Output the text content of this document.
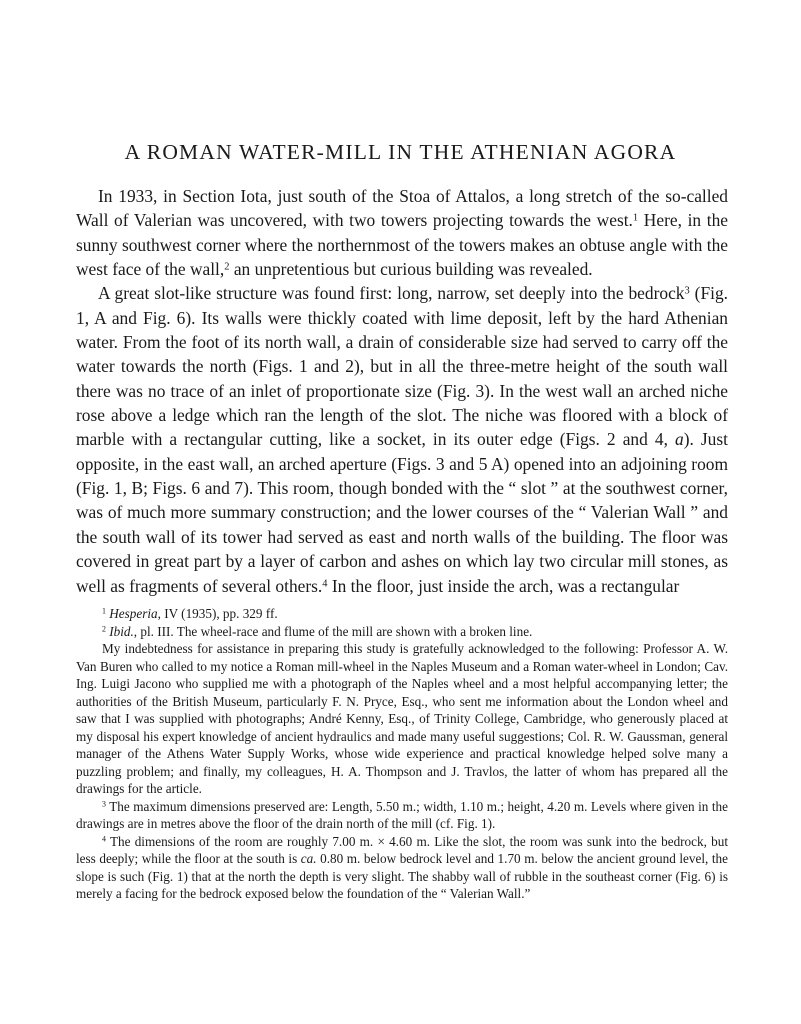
A ROMAN WATER-MILL IN THE ATHENIAN AGORA

In 1933, in Section Iota, just south of the Stoa of Attalos, a long stretch of the so-called Wall of Valerian was uncovered, with two towers projecting towards the west.$^1$ Here, in the sunny southwest corner where the northernmost of the towers makes an obtuse angle with the west face of the wall,$^2$ an unpretentious but curious building was revealed.

A great slot-like structure was found first: long, narrow, set deeply into the bedrock$^3$ (Fig. 1, A and Fig. 6). Its walls were thickly coated with lime deposit, left by the hard Athenian water. From the foot of its north wall, a drain of considerable size had served to carry off the water towards the north (Figs. 1 and 2), but in all the three-metre height of the south wall there was no trace of an inlet of proportionate size (Fig. 3). In the west wall an arched niche rose above a ledge which ran the length of the slot. The niche was floored with a block of marble with a rectangular cutting, like a socket, in its outer edge (Figs. 2 and 4, a). Just opposite, in the east wall, an arched aperture (Figs. 3 and 5 A) opened into an adjoining room (Fig. 1, B; Figs. 6 and 7). This room, though bonded with the “ slot ” at the southwest corner, was of much more summary construction; and the lower courses of the “ Valerian Wall ” and the south wall of its tower had served as east and north walls of the building. The floor was covered in great part by a layer of carbon and ashes on which lay two circular mill stones, as well as fragments of several others.$^4$ In the floor, just inside the arch, was a rectangular

$^1$ Hesperia, IV (1935), pp. 329 ff.

$^2$ Ibid., pl. III. The wheel-race and flume of the mill are shown with a broken line.

My indebtedness for assistance in preparing this study is gratefully acknowledged to the following: Professor A. W. Van Buren who called to my notice a Roman mill-wheel in the Naples Museum and a Roman water-wheel in London; Cav. Ing. Luigi Jacono who supplied me with a photograph of the Naples wheel and a most helpful accompanying letter; the authorities of the British Museum, particularly F. N. Pryce, Esq., who sent me information about the London wheel and saw that I was supplied with photographs; André Kenny, Esq., of Trinity College, Cambridge, who generously placed at my disposal his expert knowledge of ancient hydraulics and made many useful suggestions; Col. R. W. Gaussman, general manager of the Athens Water Supply Works, whose wide experience and practical knowledge helped solve many a puzzling problem; and finally, my colleagues, H. A. Thompson and J. Travlos, the latter of whom has prepared all the drawings for the article.

$^3$ The maximum dimensions preserved are: Length, 5.50 m.; width, 1.10 m.; height, 4.20 m. Levels where given in the drawings are in metres above the floor of the drain north of the mill (cf. Fig. 1).

$^4$ The dimensions of the room are roughly 7.00 m. × 4.60 m. Like the slot, the room was sunk into the bedrock, but less deeply; while the floor at the south is ca. 0.80 m. below bedrock level and 1.70 m. below the ancient ground level, the slope is such (Fig. 1) that at the north the depth is very slight. The shabby wall of rubble in the southeast corner (Fig. 6) is merely a facing for the bedrock exposed below the foundation of the “ Valerian Wall.”
